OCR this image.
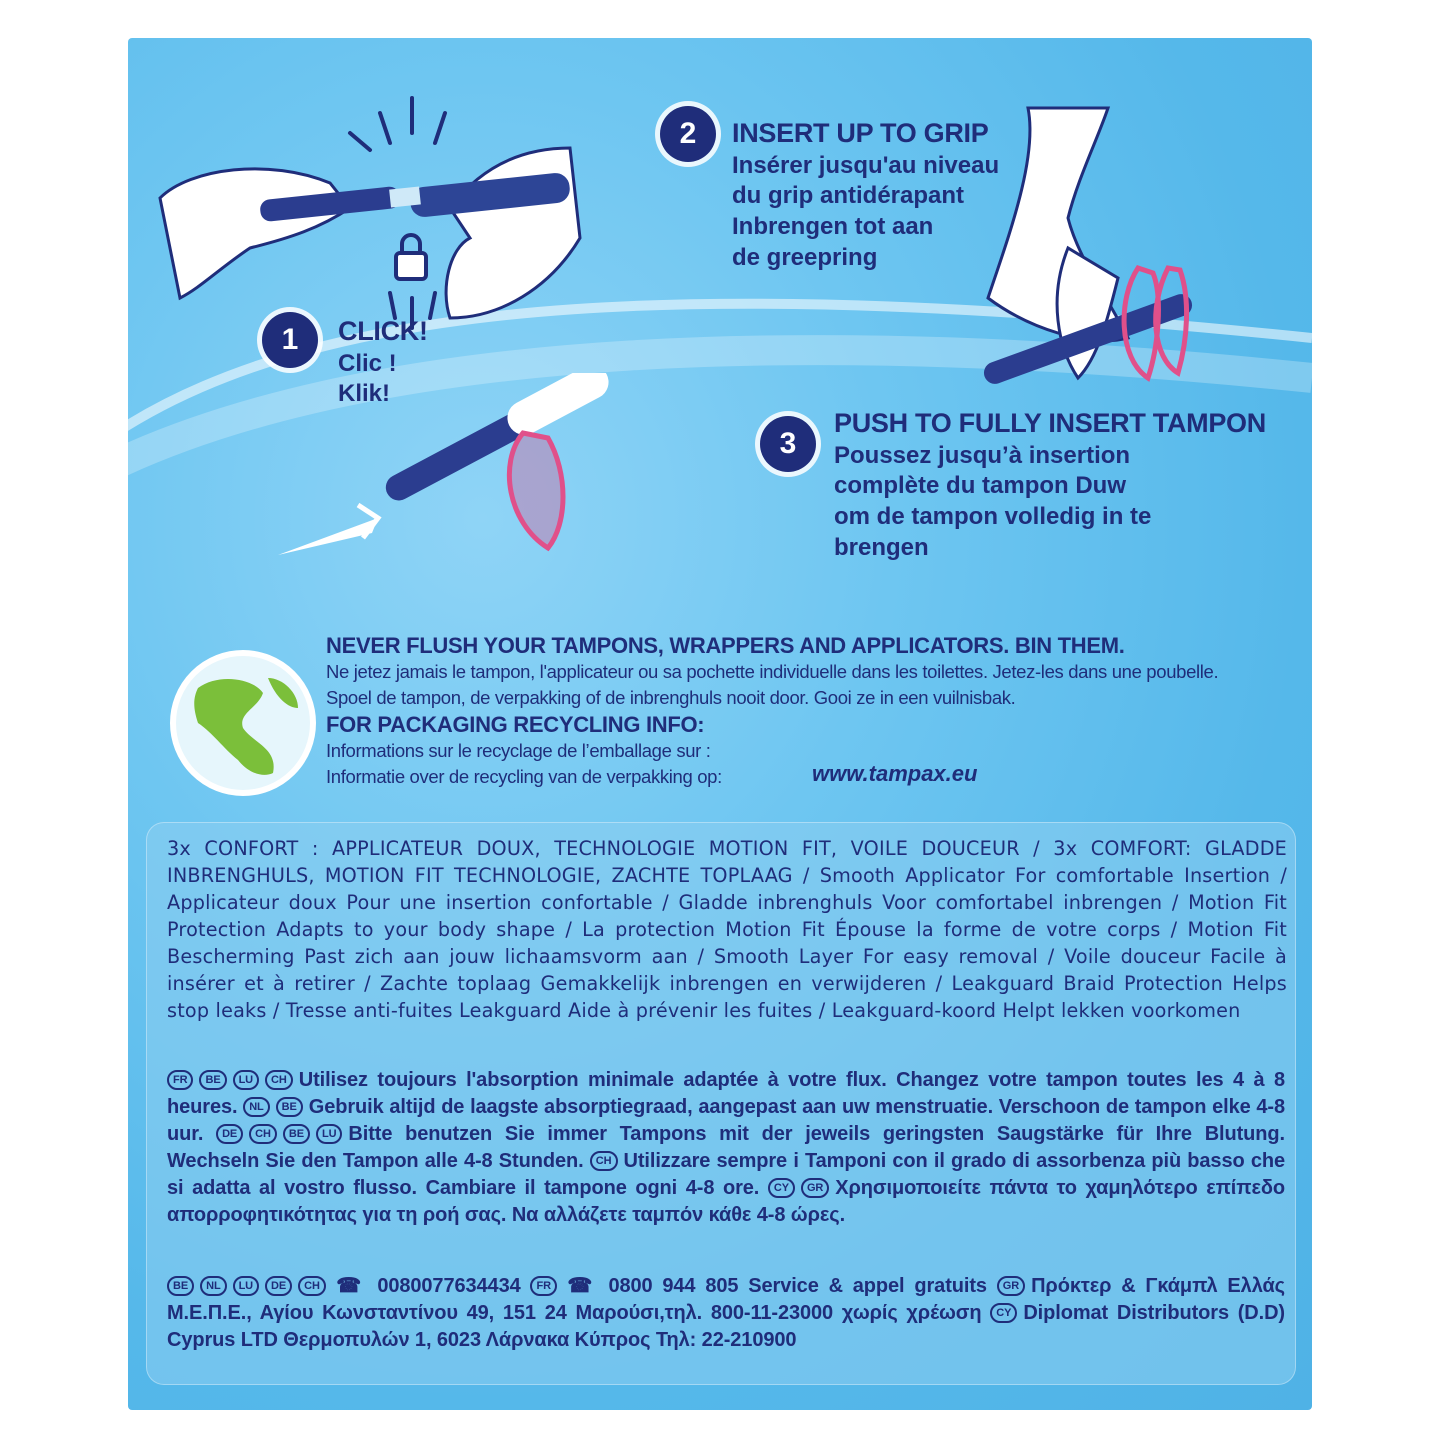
1 CLICK!
Clic !
Klik!
2 INSERT UP TO GRIP
Insérer jusqu'au niveau
du grip antidérapant
Inbrengen tot aan
de greepring
3
PUSH TO FULLY INSERT TAMPON
Poussez jusqu’à insertion
complète du tampon Duw
om de tampon volledig in te
brengen
NEVER FLUSH YOUR TAMPONS, WRAPPERS AND APPLICATORS. BIN THEM.
Ne jetez jamais le tampon, l'applicateur ou sa pochette individuelle dans les toilettes. Jetez-les dans une poubelle.
Spoel de tampon, de verpakking of de inbrenghuls nooit door. Gooi ze in een vuilnisbak.
FOR PACKAGING RECYCLING INFO:
Informations sur le recyclage de l’emballage sur :
Informatie over de recycling van de verpakking op:	www.tampax.eu
3x CONFORT : APPLICATEUR DOUX, TECHNOLOGIE MOTION FIT, VOILE DOUCEUR / 3x COMFORT: GLADDE INBRENGHULS, MOTION FIT TECHNOLOGIE, ZACHTE TOPLAAG / Smooth Applicator For comfortable Insertion / Applicateur doux Pour une insertion confortable / Gladde inbrenghuls Voor comfortabel inbrengen / Motion Fit Protection Adapts to your body shape / La protection Motion Fit Épouse la forme de votre corps / Motion Fit Bescherming Past zich aan jouw lichaamsvorm aan / Smooth Layer For easy removal / Voile douceur Facile à insérer et à retirer / Zachte toplaag Gemakkelijk inbrengen en verwijderen / Leakguard Braid Protection Helps stop leaks / Tresse anti-fuites Leakguard Aide à prévenir les fuites / Leakguard-koord Helpt lekken voorkomen
FR BE LU CH Utilisez toujours l'absorption minimale adaptée à votre flux. Changez votre tampon toutes les 4 à 8 heures. NL BE Gebruik altijd de laagste absorptiegraad, aangepast aan uw menstruatie. Verschoon de tampon elke 4-8 uur. DE CH BE LU Bitte benutzen Sie immer Tampons mit der jeweils geringsten Saugstärke für Ihre Blutung. Wechseln Sie den Tampon alle 4-8 Stunden. CH Utilizzare sempre i Tamponi con il grado di assorbenza più basso che si adatta al vostro flusso. Cambiare il tampone ogni 4-8 ore. CY GR Χρησιμοποιείτε πάντα το χαμηλότερο επίπεδο απορροφητικότητας για τη ροή σας. Να αλλάζετε ταμπόν κάθε 4-8 ώρες.
BE NL LU DE CH ☎ 0080077634434 FR ☎ 0800 944 805 Service & appel gratuits GR Πρόκτερ & Γκάμπλ Ελλάς Μ.Ε.Π.Ε., Αγίου Κωνσταντίνου 49, 151 24 Μαρούσι,τηλ. 800-11-23000 χωρίς χρέωση CY Diplomat Distributors (D.D) Cyprus LTD Θερμοπυλών 1, 6023 Λάρνακα Κύπρος Τηλ: 22-210900
